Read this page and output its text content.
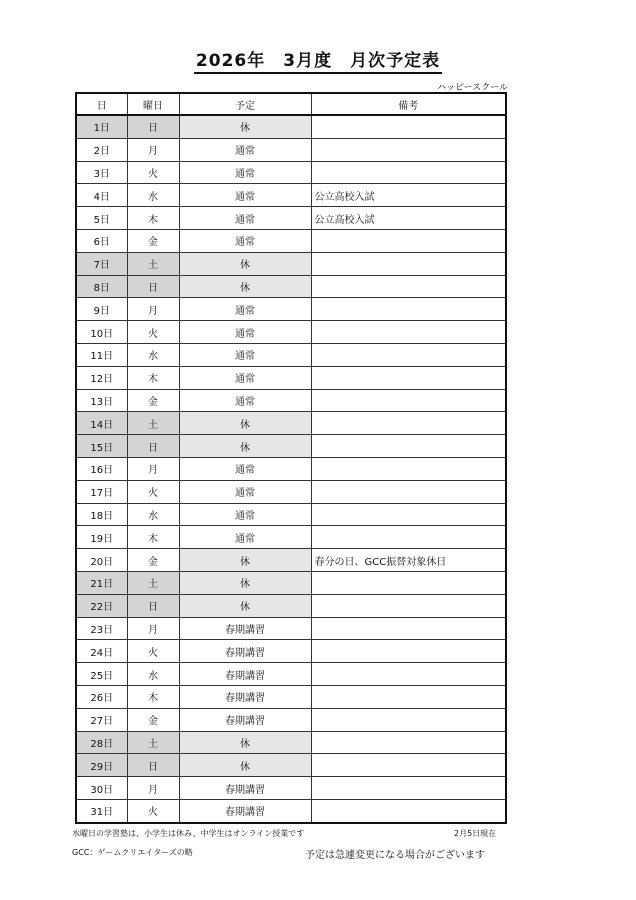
2026年　3月度　月次予定表
ハッピースクール
日	曜日	予定	備考
1日	日	休	
2日	月	通常	
3日	火	通常	
4日	水	通常	公立高校入試
5日	木	通常	公立高校入試
6日	金	通常	
7日	土	休	
8日	日	休	
9日	月	通常	
10日	火	通常	
11日	水	通常	
12日	木	通常	
13日	金	通常	
14日	土	休	
15日	日	休	
16日	月	通常	
17日	火	通常	
18日	水	通常	
19日	木	通常	
20日	金	休	春分の日、GCC振替対象休日
21日	土	休	
22日	日	休	
23日	月	春期講習	
24日	火	春期講習	
25日	水	春期講習	
26日	木	春期講習	
27日	金	春期講習	
28日	土	休	
29日	日	休	
30日	月	春期講習	
31日	火	春期講習	
水曜日の学習塾は、小学生は休み、中学生はオンライン授業です	2月5日現在
GCC：ゲームクリエイターズの略	予定は急遽変更になる場合がございます
